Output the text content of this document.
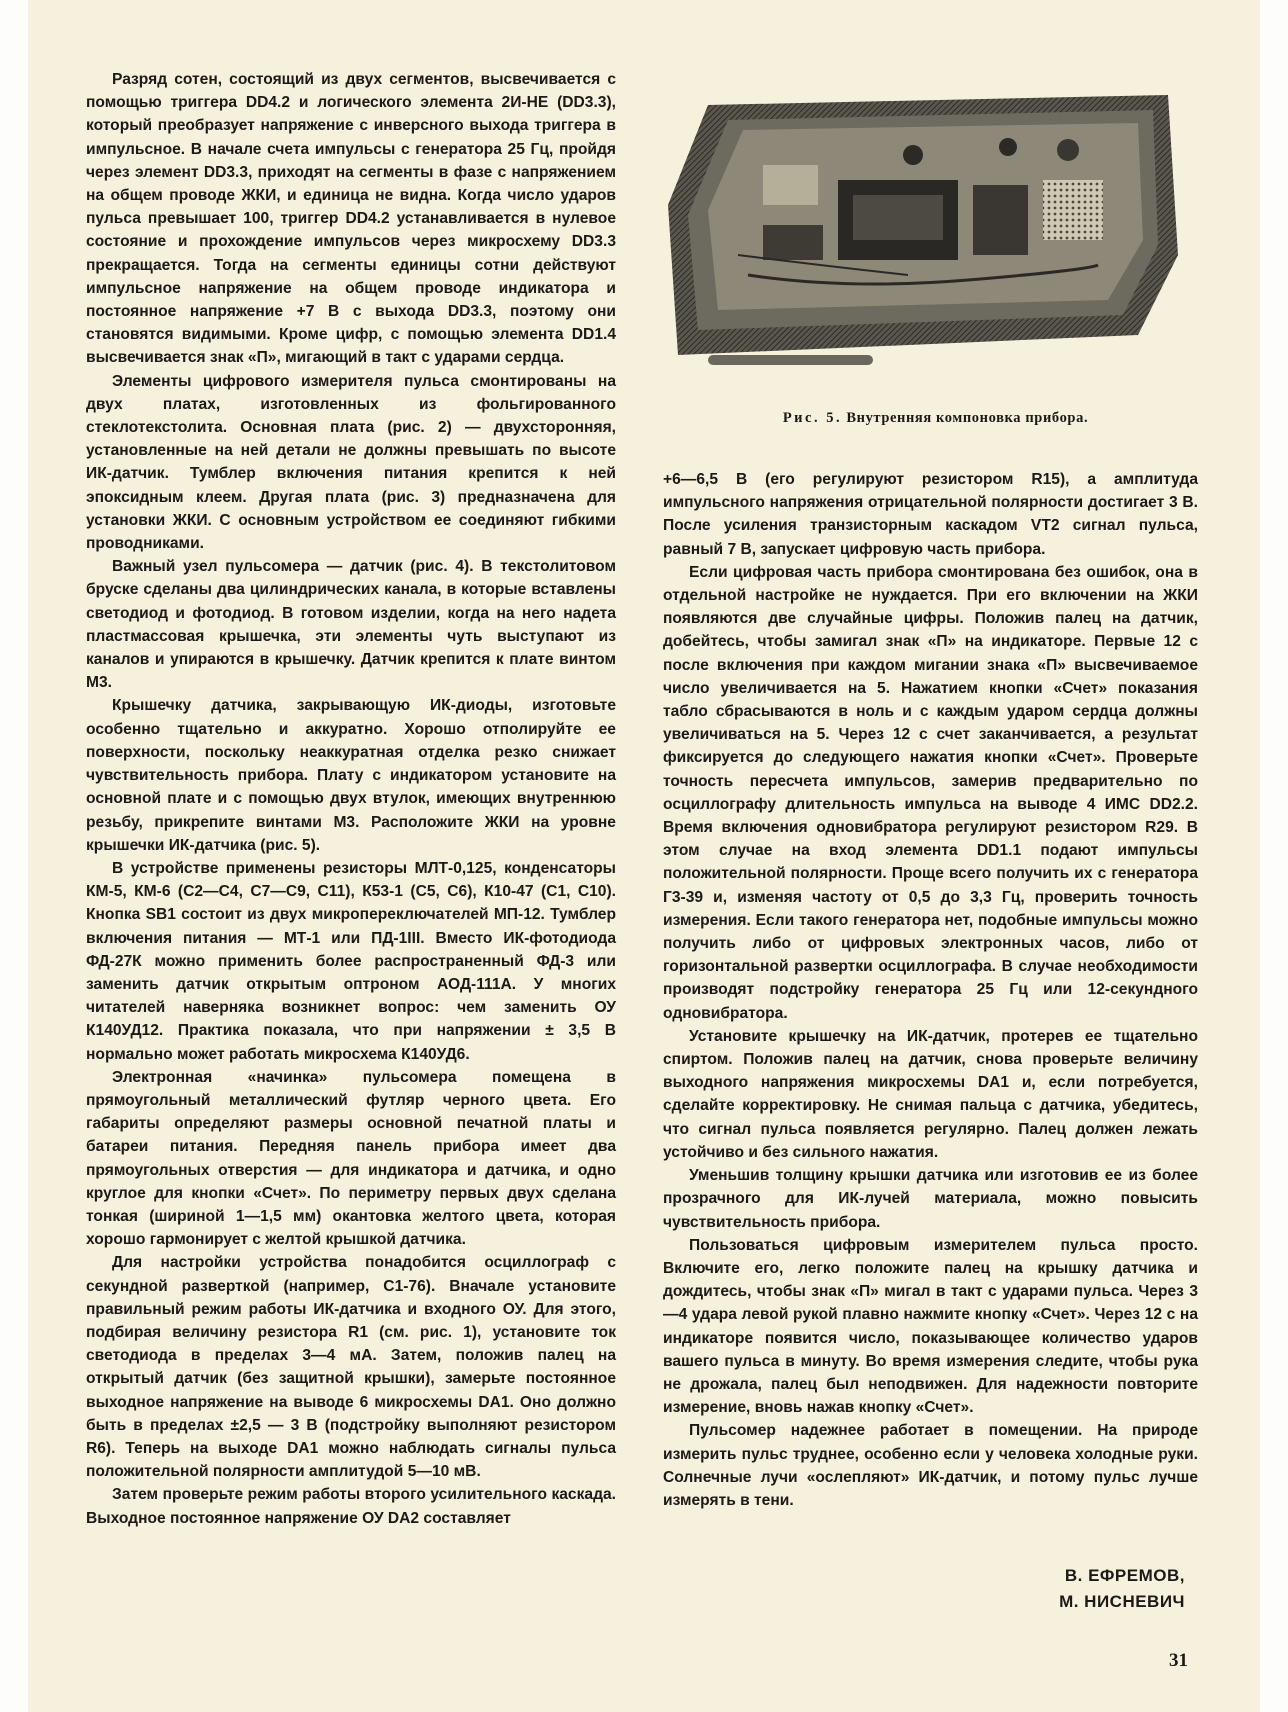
Разряд сотен, состоящий из двух сегментов, высвечивается с помощью триггера DD4.2 и логического элемента 2И-НЕ (DD3.3), который преобразует напряжение с инверсного выхода триггера в импульсное. В начале счета импульсы с генератора 25 Гц, пройдя через элемент DD3.3, приходят на сегменты в фазе с напряжением на общем проводе ЖКИ, и единица не видна. Когда число ударов пульса превышает 100, триггер DD4.2 устанавливается в нулевое состояние и прохождение импульсов через микросхему DD3.3 прекращается. Тогда на сегменты единицы сотни действуют импульсное напряжение на общем проводе индикатора и постоянное напряжение +7 В с выхода DD3.3, поэтому они становятся видимыми. Кроме цифр, с помощью элемента DD1.4 высвечивается знак «П», мигающий в такт с ударами сердца.

Элементы цифрового измерителя пульса смонтированы на двух платах, изготовленных из фольгированного стеклотекстолита. Основная плата (рис. 2) — двухсторонняя, установленные на ней детали не должны превышать по высоте ИК-датчик. Тумблер включения питания крепится к ней эпоксидным клеем. Другая плата (рис. 3) предназначена для установки ЖКИ. С основным устройством ее соединяют гибкими проводниками.

Важный узел пульсомера — датчик (рис. 4). В текстолитовом бруске сделаны два цилиндрических канала, в которые вставлены светодиод и фотодиод. В готовом изделии, когда на него надета пластмассовая крышечка, эти элементы чуть выступают из каналов и упираются в крышечку. Датчик крепится к плате винтом М3.

Крышечку датчика, закрывающую ИК-диоды, изготовьте особенно тщательно и аккуратно. Хорошо отполируйте ее поверхности, поскольку неаккуратная отделка резко снижает чувствительность прибора. Плату с индикатором установите на основной плате и с помощью двух втулок, имеющих внутреннюю резьбу, прикрепите винтами М3. Расположите ЖКИ на уровне крышечки ИК-датчика (рис. 5).

В устройстве применены резисторы МЛТ-0,125, конденсаторы КМ-5, КМ-6 (С2—С4, С7—С9, С11), К53-1 (С5, С6), К10-47 (С1, С10). Кнопка SB1 состоит из двух микропереключателей МП-12. Тумблер включения питания — МТ-1 или ПД-1III. Вместо ИК-фотодиода ФД-27К можно применить более распространенный ФД-3 или заменить датчик открытым оптроном АОД-111А. У многих читателей наверняка возникнет вопрос: чем заменить ОУ К140УД12. Практика показала, что при напряжении ± 3,5 В нормально может работать микросхема К140УД6.

Электронная «начинка» пульсомера помещена в прямоугольный металлический футляр черного цвета. Его габариты определяют размеры основной печатной платы и батареи питания. Передняя панель прибора имеет два прямоугольных отверстия — для индикатора и датчика, и одно круглое для кнопки «Счет». По периметру первых двух сделана тонкая (шириной 1—1,5 мм) окантовка желтого цвета, которая хорошо гармонирует с желтой крышкой датчика.

Для настройки устройства понадобится осциллограф с секундной разверткой (например, С1-76). Вначале установите правильный режим работы ИК-датчика и входного ОУ. Для этого, подбирая величину резистора R1 (см. рис. 1), установите ток светодиода в пределах 3—4 мА. Затем, положив палец на открытый датчик (без защитной крышки), замерьте постоянное выходное напряжение на выводе 6 микросхемы DA1. Оно должно быть в пределах ±2,5 — 3 В (подстройку выполняют резистором R6). Теперь на выходе DA1 можно наблюдать сигналы пульса положительной полярности амплитудой 5—10 мВ.

Затем проверьте режим работы второго усилительного каскада. Выходное постоянное напряжение ОУ DA2 составляет

Рис. 5. Внутренняя компоновка прибора.

+6—6,5 В (его регулируют резистором R15), а амплитуда импульсного напряжения отрицательной полярности достигает 3 В. После усиления транзисторным каскадом VT2 сигнал пульса, равный 7 В, запускает цифровую часть прибора.

Если цифровая часть прибора смонтирована без ошибок, она в отдельной настройке не нуждается. При его включении на ЖКИ появляются две случайные цифры. Положив палец на датчик, добейтесь, чтобы замигал знак «П» на индикаторе. Первые 12 с после включения при каждом мигании знака «П» высвечиваемое число увеличивается на 5. Нажатием кнопки «Счет» показания табло сбрасываются в ноль и с каждым ударом сердца должны увеличиваться на 5. Через 12 с счет заканчивается, а результат фиксируется до следующего нажатия кнопки «Счет». Проверьте точность пересчета импульсов, замерив предварительно по осциллографу длительность импульса на выводе 4 ИМС DD2.2. Время включения одновибратора регулируют резистором R29. В этом случае на вход элемента DD1.1 подают импульсы положительной полярности. Проще всего получить их с генератора Г3-39 и, изменяя частоту от 0,5 до 3,3 Гц, проверить точность измерения. Если такого генератора нет, подобные импульсы можно получить либо от цифровых электронных часов, либо от горизонтальной развертки осциллографа. В случае необходимости производят подстройку генератора 25 Гц или 12-секундного одновибратора.

Установите крышечку на ИК-датчик, протерев ее тщательно спиртом. Положив палец на датчик, снова проверьте величину выходного напряжения микросхемы DA1 и, если потребуется, сделайте корректировку. Не снимая пальца с датчика, убедитесь, что сигнал пульса появляется регулярно. Палец должен лежать устойчиво и без сильного нажатия.

Уменьшив толщину крышки датчика или изготовив ее из более прозрачного для ИК-лучей материала, можно повысить чувствительность прибора.

Пользоваться цифровым измерителем пульса просто. Включите его, легко положите палец на крышку датчика и дождитесь, чтобы знак «П» мигал в такт с ударами пульса. Через 3—4 удара левой рукой плавно нажмите кнопку «Счет». Через 12 с на индикаторе появится число, показывающее количество ударов вашего пульса в минуту. Во время измерения следите, чтобы рука не дрожала, палец был неподвижен. Для надежности повторите измерение, вновь нажав кнопку «Счет».

Пульсомер надежнее работает в помещении. На природе измерить пульс труднее, особенно если у человека холодные руки. Солнечные лучи «ослепляют» ИК-датчик, и потому пульс лучше измерять в тени.

В. ЕФРЕМОВ,
М. НИСНЕВИЧ
31
